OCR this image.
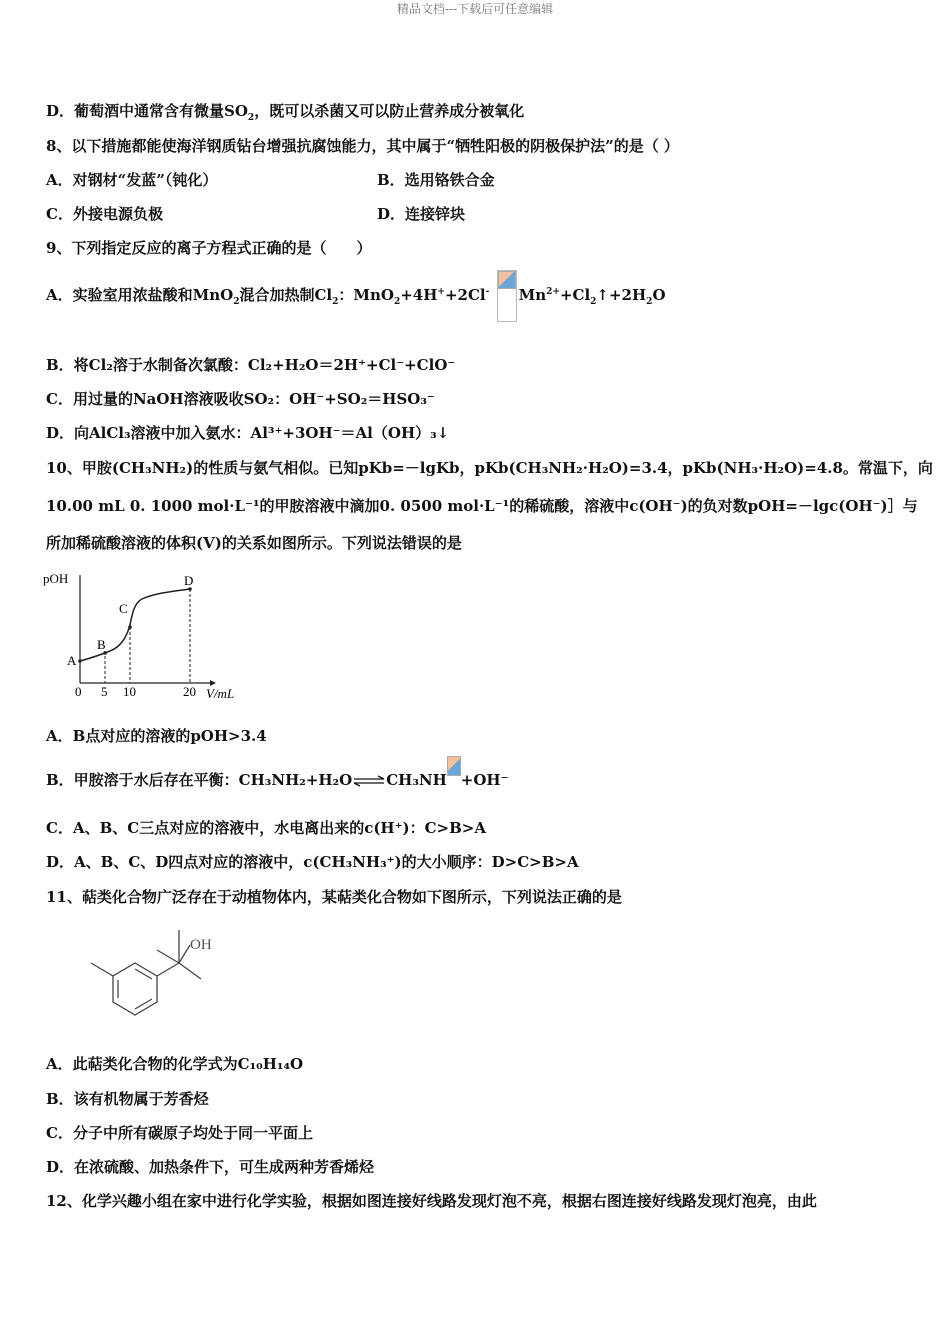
精品文档---下载后可任意编辑
D．葡萄酒中通常含有微量$SO_2$，既可以杀菌又可以防止营养成分被氧化
8、以下措施都能使海洋钢质钻台增强抗腐蚀能力，其中属于“牺牲阳极的阴极保护法”的是（ ）
A．对钢材“发蓝”（钝化）	B．选用铬铁合金
C．外接电源负极	D．连接锌块
9、下列指定反应的离子方程式正确的是（　　）
A．实验室用浓盐酸和MnO$_2$混合加热制$Cl_2$：MnO$_2$+4H++2Cl- $Mn^{2+}+Cl_2↑+2H_2O$
B．将Cl₂溶于水制备次氯酸：Cl₂+H₂O＝2H⁺+Cl⁻+ClO⁻
C．用过量的NaOH溶液吸收SO₂：OH⁻+SO₂＝HSO₃⁻
D．向AlCl₃溶液中加入氨水：Al³⁺+3OH⁻＝Al（OH）₃↓
10、甲胺(CH₃NH₂)的性质与氨气相似。已知pKb=－lgKb，pKb(CH₃NH₂·H₂O)=3.4，pKb(NH₃·H₂O)=4.8。常温下，向
10.00 mL 0. 1000 mol·L⁻¹的甲胺溶液中滴加0. 0500 mol·L⁻¹的稀硫酸，溶液中c(OH⁻)的负对数pOH=－lgc(OH⁻)］与
所加稀硫酸溶液的体积(V)的关系如图所示。下列说法错误的是
pOH
A
B
C
D
0 5 10	20 V/mL
A．B点对应的溶液的pOH>3.4
B．甲胺溶于水后存在平衡：CH₃NH₂+H₂O⇌CH₃NH +OH⁻
C．A、B、C三点对应的溶液中，水电离出来的c(H⁺)：C>B>A
D．A、B、C、D四点对应的溶液中，c(CH₃NH₃⁺)的大小顺序：D>C>B>A
11、萜类化合物广泛存在于动植物体内，某萜类化合物如下图所示，下列说法正确的是
OH
A．此萜类化合物的化学式为C₁₀H₁₄O
B．该有机物属于芳香烃
C．分子中所有碳原子均处于同一平面上
D．在浓硫酸、加热条件下，可生成两种芳香烯烃
12、化学兴趣小组在家中进行化学实验，根据如图连接好线路发现灯泡不亮，根据右图连接好线路发现灯泡亮，由此
